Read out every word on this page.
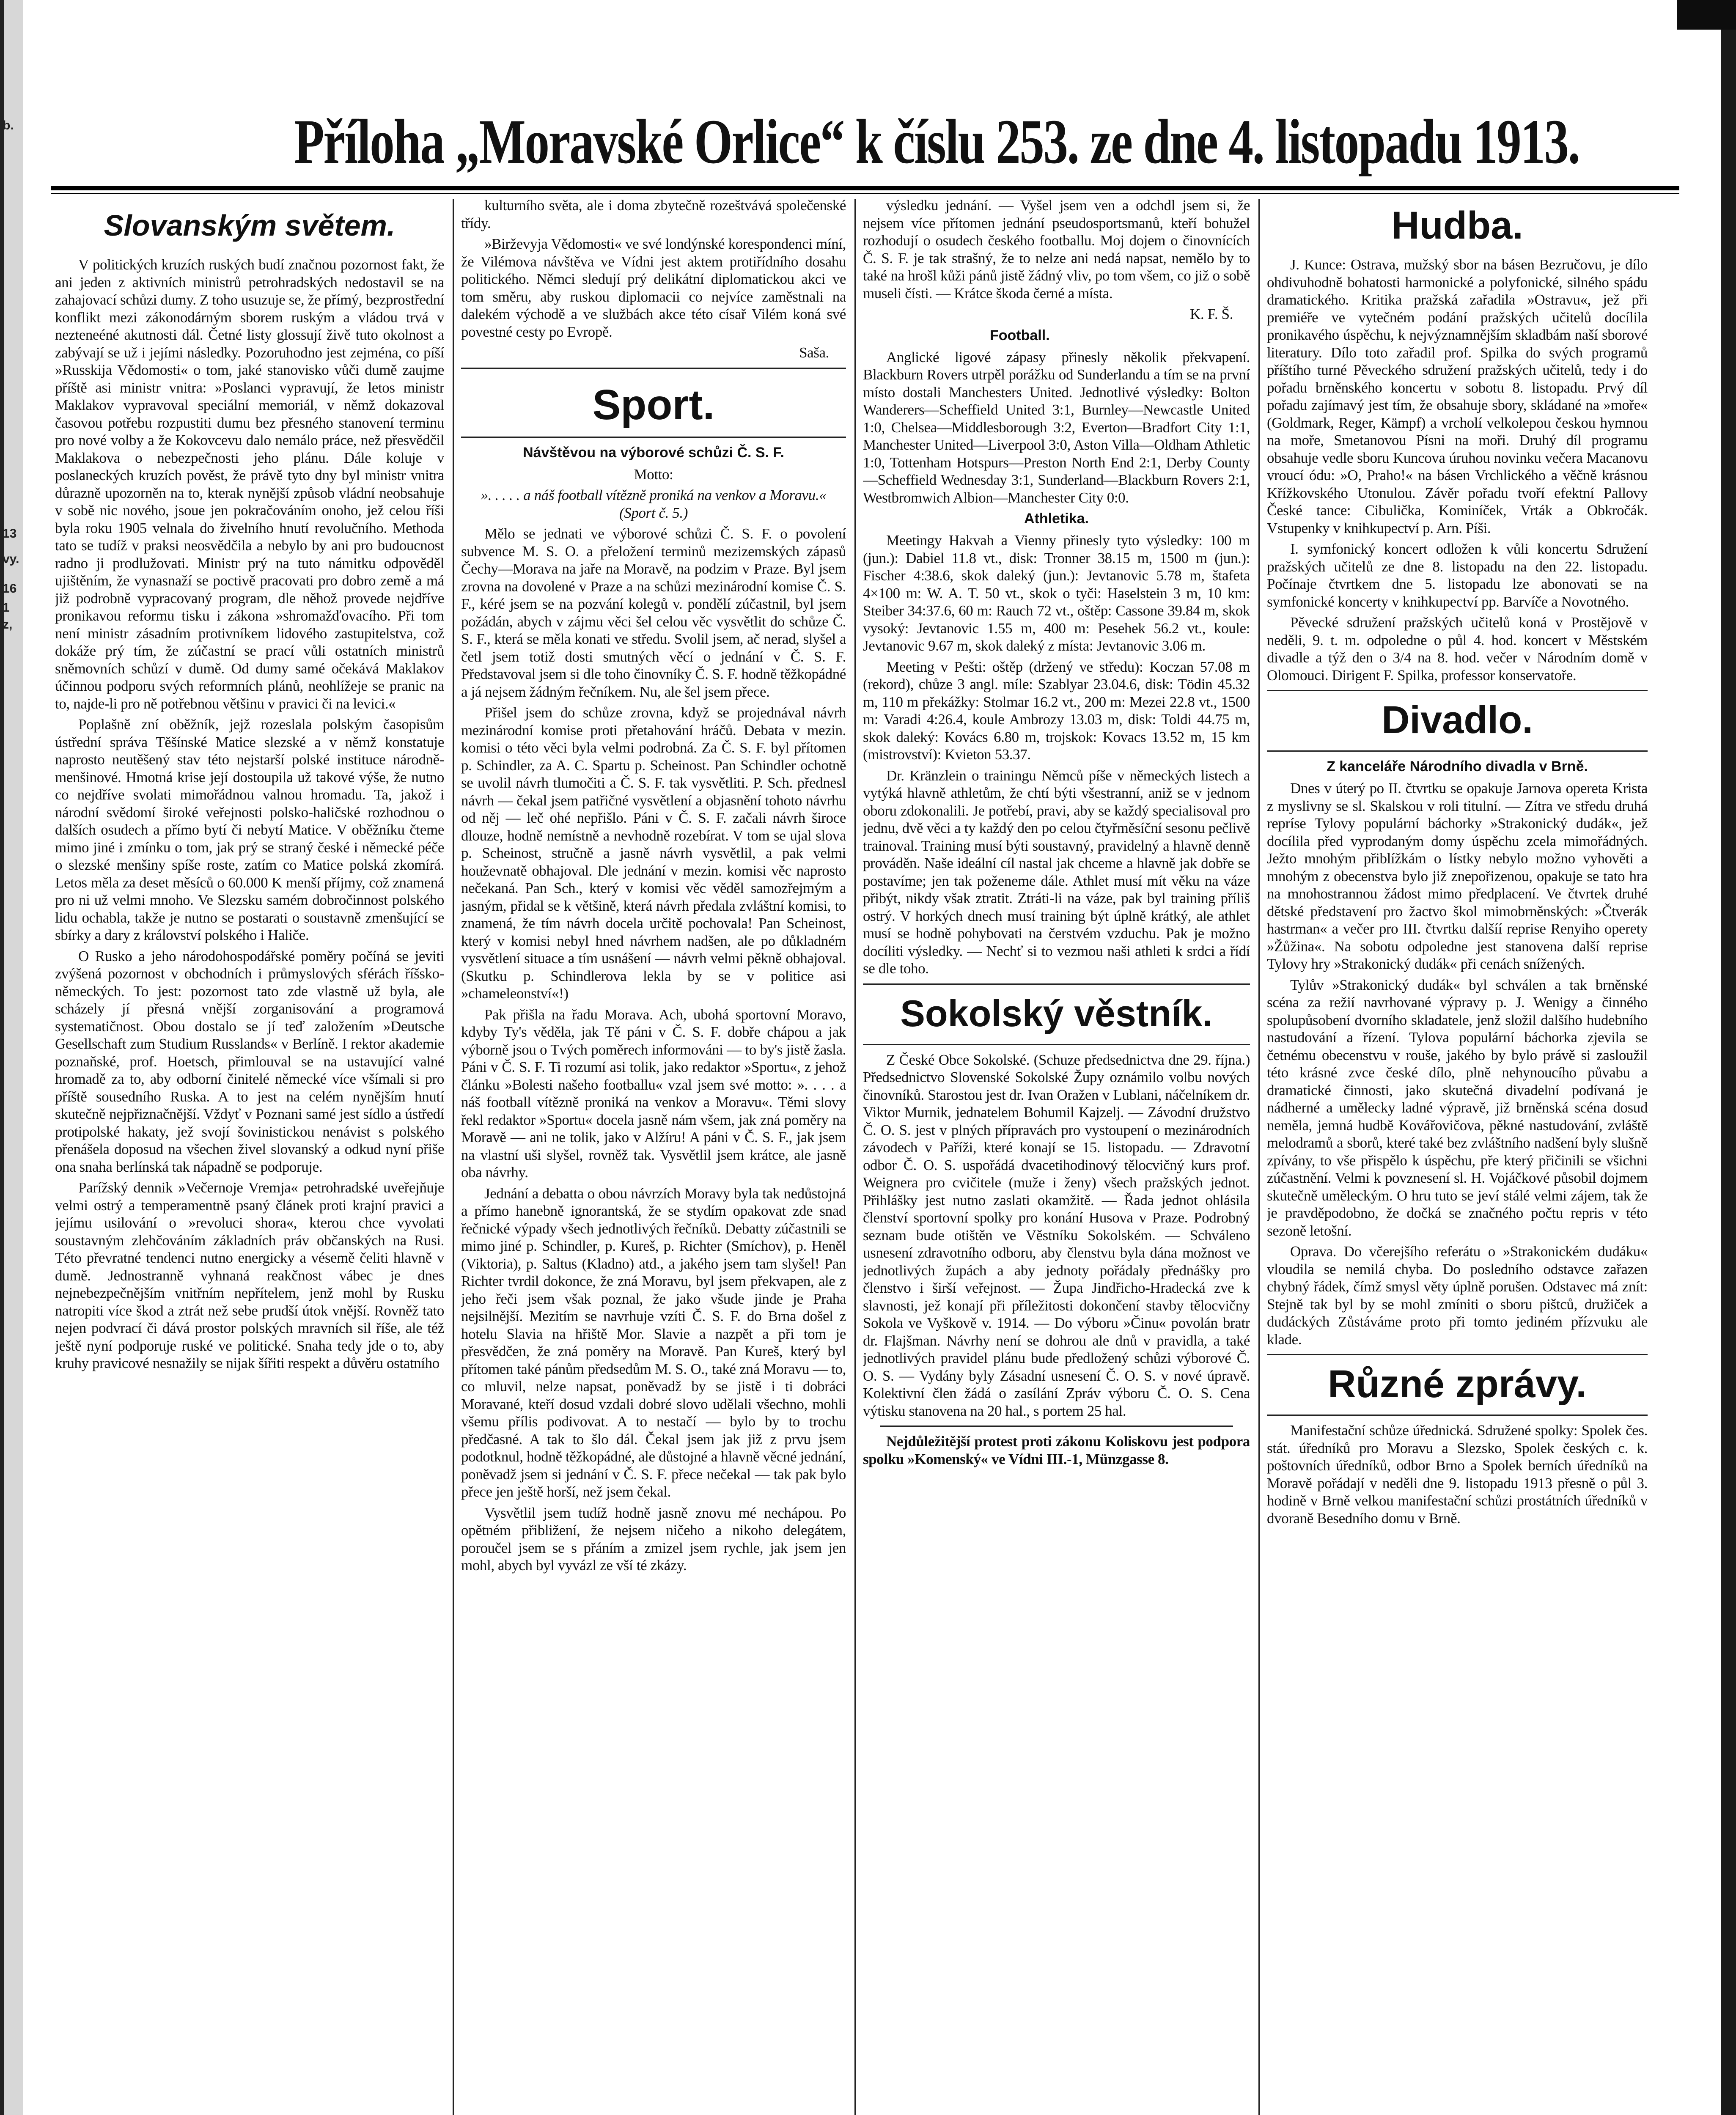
b.
vy.
13
16
1
z,
Příloha „Moravské Orlice“ k číslu 253. ze dne 4. listopadu 1913.
Slovanským světem.

V politických kruzích ruských budí značnou pozornost fakt, že ani jeden z aktivních ministrů petrohradských nedostavil se na zahajovací schůzi dumy. Z toho usuzuje se, že přímý, bezprostřední konflikt mezi zákonodárným sborem ruským a vládou trvá v nezteneéné akutnosti dál. Četné listy glossují živě tuto okolnost a zabývají se už i jejími následky. Pozoruhodno jest zejména, co píší »Russkija Vědomosti« o tom, jaké stanovisko vůči dumě zaujme příště asi ministr vnitra: »Poslanci vypravují, že letos ministr Maklakov vypravoval speciální memoriál, v němž dokazoval časovou potřebu rozpustiti dumu bez přesného stanovení terminu pro nové volby a že Kokovcevu dalo nemálo práce, než přesvědčil Maklakova o nebezpečnosti jeho plánu. Dále koluje v poslaneckých kruzích pověst, že právě tyto dny byl ministr vnitra důrazně upozorněn na to, kterak nynější způsob vládní neobsahuje v sobě nic nového, jsoue jen pokračováním onoho, jež celou říši byla roku 1905 velnala do živelního hnutí revolučního. Methoda tato se tudíž v praksi neosvědčila a nebylo by ani pro budoucnost radno ji prodlužovati. Ministr prý na tuto námitku odpověděl ujištěním, že vynasnaží se poctivě pracovati pro dobro země a má již podrobně vypracovaný program, dle něhož provede nejdříve pronikavou reformu tisku i zákona »shromažďovacího. Při tom není ministr zásadním protivníkem lidového zastupitelstva, což dokáže prý tím, že zúčastní se prací vůli ostatních ministrů sněmovních schůzí v dumě. Od dumy samé očekává Maklakov účinnou podporu svých reformních plánů, neohlížeje se pranic na to, najde-li pro ně potřebnou většinu v pravici či na levici.«

Poplašně zní oběžník, jejž rozeslala polským časopisům ústřední správa Těšínské Matice slezské a v němž konstatuje naprosto neutěšený stav této nejstarší polské instituce národně-menšinové. Hmotná krise její dostoupila už takové výše, že nutno co nejdříve svolati mimořádnou valnou hromadu. Ta, jakož i národní svědomí široké veřejnosti polsko-haličské rozhodnou o dalších osudech a přímo bytí či nebytí Matice. V oběžníku čteme mimo jiné i zmínku o tom, jak prý se straný české i německé péče o slezské menšiny spíše roste, zatím co Matice polská zkomírá. Letos měla za deset měsíců o 60.000 K menší příjmy, což znamená pro ni už velmi mnoho. Ve Slezsku samém dobročinnost polského lidu ochabla, takže je nutno se postarati o soustavně zmenšující se sbírky a dary z království polského i Haliče.

O Rusko a jeho národohospodářské poměry počíná se jeviti zvýšená pozornost v obchodních i průmyslových sférách říšsko-německých. To jest: pozornost tato zde vlastně už byla, ale scházely jí přesná vnější zorganisování a programová systematičnost. Obou dostalo se jí teď založením »Deutsche Gesellschaft zum Studium Russlands« v Berlíně. I rektor akademie poznaňské, prof. Hoetsch, přimlouval se na ustavující valné hromadě za to, aby odborní činitelé německé více všímali si pro příště sousedního Ruska. A to jest na celém nynějším hnutí skutečně nejpřiznačnější. Vždyť v Poznani samé jest sídlo a ústředí protipolské hakaty, jež svojí šovinistickou nenávist s polského přenášela doposud na všechen živel slovanský a odkud nyní přiše ona snaha berlínská tak nápadně se podporuje.

Parížský dennik »Večernoje Vremja« petrohradské uveřejňuje velmi ostrý a temperamentně psaný článek proti krajní pravici a jejímu usilování o »revoluci shora«, kterou chce vyvolati soustavným zlehčováním základních práv občanských na Rusi. Této převratné tendenci nutno energicky a vésemě čeliti hlavně v dumě. Jednostranně vyhnaná reakčnost vábec je dnes nejnebezpečnějším vnitřním nepřítelem, jenž mohl by Rusku natropiti více škod a ztrát než sebe prudší útok vnější. Rovněž tato nejen podvrací či dává prostor polských mravních sil říše, ale též ještě nyní podporuje ruské ve politické. Snaha tedy jde o to, aby kruhy pravicové nesnažily se nijak šířiti respekt a důvěru ostatního

kulturního světa, ale i doma zbytečně rozeštvává společenské třídy.

»Birževyja Vědomosti« ve své londýnské korespondenci míní, že Vilémova návštěva ve Vídni jest aktem protiřídního dosahu politického. Němci sledují prý delikátní diplomatickou akci ve tom směru, aby ruskou diplomacii co nejvíce zaměstnali na dalekém východě a ve službách akce této císař Vilém koná své povestné cesty po Evropě.

Saša.

Sport.
Návštěvou na výborové schůzi Č. S. F.

Motto:

». . . . . a náš football vítězně proniká na venkov a Moravu.« (Sport č. 5.)

Mělo se jednati ve výborové schůzi Č. S. F. o povolení subvence M. S. O. a přeložení terminů mezizemských zápasů Čechy—Morava na jaře na Moravě, na podzim v Praze. Byl jsem zrovna na dovolené v Praze a na schůzi mezinárodní komise Č. S. F., kéré jsem se na pozvání kolegů v. pondělí zúčastnil, byl jsem požádán, abych v zájmu věci šel celou věc vysvětlit do schůze Č. S. F., která se měla konati ve středu. Svolil jsem, ač nerad, slyšel a četl jsem totiž dosti smutných věcí o jednání v Č. S. F. Představoval jsem si dle toho činovníky Č. S. F. hodně těžkopádné a já nejsem žádným řečníkem. Nu, ale šel jsem přece.

Přišel jsem do schůze zrovna, když se projednával návrh mezinárodní komise proti přetahování hráčů. Debata v mezin. komisi o této věci byla velmi podrobná. Za Č. S. F. byl přítomen p. Schindler, za A. C. Spartu p. Scheinost. Pan Schindler ochotně se uvolil návrh tlumočiti a Č. S. F. tak vysvětliti. P. Sch. přednesl návrh — čekal jsem patřičné vysvětlení a objasnění tohoto návrhu od něj — leč ohé nepřišlo. Páni v Č. S. F. začali návrh široce dlouze, hodně nemístně a nevhodně rozebírat. V tom se ujal slova p. Scheinost, stručně a jasně návrh vysvětlil, a pak velmi houževnatě obhajoval. Dle jednání v mezin. komisi věc naprosto nečekaná. Pan Sch., který v komisi věc věděl samozřejmým a jasným, přidal se k většině, která návrh předala zvláštní komisi, to znamená, že tím návrh docela určitě pochovala! Pan Scheinost, který v komisi nebyl hned návrhem nadšen, ale po důkladném vysvětlení situace a tím usnášení — návrh velmi pěkně obhajoval. (Skutku p. Schindlerova lekla by se v politice asi »chameleonství«!)

Pak přišla na řadu Morava. Ach, ubohá sportovní Moravo, kdyby Ty's věděla, jak Tě páni v Č. S. F. dobře chápou a jak výborně jsou o Tvých poměrech informováni — to by's jistě žasla. Páni v Č. S. F. Ti rozumí asi tolik, jako redaktor »Sportu«, z jehož článku »Bolesti našeho footballu« vzal jsem své motto: ». . . . a náš football vítězně proniká na venkov a Moravu«. Těmi slovy řekl redaktor »Sportu« docela jasně nám všem, jak zná poměry na Moravě — ani ne tolik, jako v Alžíru! A páni v Č. S. F., jak jsem na vlastní uši slyšel, rovněž tak. Vysvětlil jsem krátce, ale jasně oba návrhy.

Jednání a debatta o obou návrzích Moravy byla tak nedůstojná a přímo hanebně ignorantská, že se stydím opakovat zde snad řečnické výpady všech jednotlivých řečníků. Debatty zúčastnili se mimo jiné p. Schindler, p. Kureš, p. Richter (Smíchov), p. Heněl (Viktoria), p. Saltus (Kladno) atd., a jakého jsem tam slyšel! Pan Richter tvrdil dokonce, že zná Moravu, byl jsem překvapen, ale z jeho řeči jsem však poznal, že jako všude jinde je Praha nejsilnější. Mezitím se navrhuje vzíti Č. S. F. do Brna došel z hotelu Slavia na hřiště Mor. Slavie a nazpět a při tom je přesvědčen, že zná poměry na Moravě. Pan Kureš, který byl přítomen také pánům předsedům M. S. O., také zná Moravu — to, co mluvil, nelze napsat, poněvadž by se jistě i ti dobráci Moravané, kteří dosud vzdali dobré slovo udělali všechno, mohli všemu přílis podivovat. A to nestačí — bylo by to trochu předčasné. A tak to šlo dál. Čekal jsem jak již z prvu jsem podotknul, hodně těžkopádné, ale důstojné a hlavně věcné jednání, poněvadž jsem si jednání v Č. S. F. přece nečekal — tak pak bylo přece jen ještě horší, než jsem čekal.

Vysvětlil jsem tudíž hodně jasně znovu mé nechápou. Po opětném přibližení, že nejsem ničeho a nikoho delegátem, poroučel jsem se s přáním a zmizel jsem rychle, jak jsem jen mohl, abych byl vyvázl ze vší té zkázy.

výsledku jednání. — Vyšel jsem ven a odchdl jsem si, že nejsem více přítomen jednání pseudosportsmanů, kteří bohužel rozhodují o osudech českého footballu. Moj dojem o činovnících Č. S. F. je tak strašný, že to nelze ani nedá napsat, nemělo by to také na hrošl kůži pánů jistě žádný vliv, po tom všem, co již o sobě museli čísti. — Krátce škoda černé a místa.

K. F. Š.

Football.

Anglické ligové zápasy přinesly několik překvapení. Blackburn Rovers utrpěl porážku od Sunderlandu a tím se na první místo dostali Manchesters United. Jednotlivé výsledky: Bolton Wanderers—Scheffield United 3:1, Burnley—Newcastle United 1:0, Chelsea—Middlesborough 3:2, Everton—Bradfort City 1:1, Manchester United—Liverpool 3:0, Aston Villa—Oldham Athletic 1:0, Tottenham Hotspurs—Preston North End 2:1, Derby County—Scheffield Wednesday 3:1, Sunderland—Blackburn Rovers 2:1, Westbromwich Albion—Manchester City 0:0.

Athletika.

Meetingy Hakvah a Vienny přinesly tyto výsledky: 100 m (jun.): Dabiel 11.8 vt., disk: Tronner 38.15 m, 1500 m (jun.): Fischer 4:38.6, skok daleký (jun.): Jevtanovic 5.78 m, štafeta 4×100 m: W. A. T. 50 vt., skok o tyči: Haselstein 3 m, 10 km: Steiber 34:37.6, 60 m: Rauch 72 vt., oštěp: Cassone 39.84 m, skok vysoký: Jevtanovic 1.55 m, 400 m: Pesehek 56.2 vt., koule: Jevtanovic 9.67 m, skok daleký z místa: Jevtanovic 3.06 m.

Meeting v Pešti: oštěp (držený ve středu): Koczan 57.08 m (rekord), chůze 3 angl. míle: Szablyar 23.04.6, disk: Tödin 45.32 m, 110 m překážky: Stolmar 16.2 vt., 200 m: Mezei 22.8 vt., 1500 m: Varadi 4:26.4, koule Ambrozy 13.03 m, disk: Toldi 44.75 m, skok daleký: Kovács 6.80 m, trojskok: Kovacs 13.52 m, 15 km (mistrovství): Kvieton 53.37.

Dr. Kränzlein o trainingu Němců píše v německých listech a vytýká hlavně athletům, že chtí býti všestranní, aniž se v jednom oboru zdokonalili. Je potřebí, pravi, aby se každý specialisoval pro jednu, dvě věci a ty každý den po celou čtyřměsíční sesonu pečlivě trainoval. Training musí býti soustavný, pravidelný a hlavně denně prováděn. Naše ideální cíl nastal jak chceme a hlavně jak dobře se postavíme; jen tak poženeme dále. Athlet musí mít věku na váze přibýt, nikdy však ztratit. Ztráti-li na váze, pak byl training příliš ostrý. V horkých dnech musí training být úplně krátký, ale athlet musí se hodně pohybovati na čerstvém vzduchu. Pak je možno docíliti výsledky. — Nechť si to vezmou naši athleti k srdci a řídí se dle toho.

Sokolský věstník.

Z České Obce Sokolské. (Schuze předsednictva dne 29. října.) Předsednictvo Slovenské Sokolské Župy oznámilo volbu nových činovníků. Starostou jest dr. Ivan Oražen v Lublani, náčelníkem dr. Viktor Murnik, jednatelem Bohumil Kajzelj. — Závodní družstvo Č. O. S. jest v plných přípravách pro vystoupení o mezinárodních závodech v Paříži, které konají se 15. listopadu. — Zdravotní odbor Č. O. S. uspořádá dvacetihodinový tělocvičný kurs prof. Weignera pro cvičitele (muže i ženy) všech pražských jednot. Přihlášky jest nutno zaslati okamžitě. — Řada jednot ohlásila členství sportovní spolky pro konání Husova v Praze. Podrobný seznam bude otištěn ve Věstníku Sokolském. — Schváleno usnesení zdravotního odboru, aby členstvu byla dána možnost ve jednotlivých župách a aby jednoty pořádaly přednášky pro členstvo i širší veřejnost. — Župa Jindřicho-Hradecká zve k slavnosti, jež konají při příležitosti dokončení stavby tělocvičny Sokola ve Vyškově v. 1914. — Do výboru »Činu« povolán bratr dr. Flajšman. Návrhy není se dohrou ale dnů v pravidla, a také jednotlivých pravidel plánu bude předložený schůzi výborové Č. O. S. — Vydány byly Zásadní usnesení Č. O. S. v nové úpravě. Kolektivní člen žádá o zasílání Zpráv výboru Č. O. S. Cena výtisku stanovena na 20 hal., s portem 25 hal.

Nejdůležitější protest proti zákonu Koliskovu jest podpora spolku »Komenský« ve Vídni III.-1, Münzgasse 8.

Hudba.

J. Kunce: Ostrava, mužský sbor na básen Bezručovu, je dílo ohdivuhodně bohatosti harmonické a polyfonické, silného spádu dramatického. Kritika pražská zařadila »Ostravu«, jež při premiéře ve vytečném podání pražských učitelů docílila pronikavého úspěchu, k nejvýznamnějším skladbám naší sborové literatury. Dílo toto zařadil prof. Spilka do svých programů příštího turné Pěveckého sdružení pražských učitelů, tedy i do pořadu brněnského koncertu v sobotu 8. listopadu. Prvý díl pořadu zajímavý jest tím, že obsahuje sbory, skládané na »moře« (Goldmark, Reger, Kämpf) a vrcholí velkolepou českou hymnou na moře, Smetanovou Písni na moři. Druhý díl programu obsahuje vedle sboru Kuncova úruhou novinku večera Macanovu vroucí ódu: »O, Praho!« na básen Vrchlického a věčně krásnou Křížkovského Utonulou. Závěr pořadu tvoří efektní Pallovy České tance: Cibulička, Kominíček, Vrták a Obkročák. Vstupenky v knihkupectví p. Arn. Píši.

I. symfonický koncert odložen k vůli koncertu Sdružení pražských učitelů ze dne 8. listopadu na den 22. listopadu. Počínaje čtvrtkem dne 5. listopadu lze abonovati se na symfonické koncerty v knihkupectví pp. Barvíče a Novotného.

Pěvecké sdružení pražských učitelů koná v Prostějově v neděli, 9. t. m. odpoledne o půl 4. hod. koncert v Městském divadle a týž den o 3/4 na 8. hod. večer v Národním domě v Olomouci. Dirigent F. Spilka, professor konservatoře.

Divadlo.
Z kanceláře Národního divadla v Brně.

Dnes v úterý po II. čtvrtku se opakuje Jarnova opereta Krista z myslivny se sl. Skalskou v roli titulní. — Zítra ve středu druhá repríse Tylovy populární báchorky »Strakonický dudák«, jež docílila před vyprodaným domy úspěchu zcela mimořádných. Ježto mnohým přiblížkám o lístky nebylo možno vyhověti a mnohým z obecenstva bylo již znepořizenou, opakuje se tato hra na mnohostrannou žádost mimo předplacení. Ve čtvrtek druhé dětské představení pro žactvo škol mimobrněnských: »Čtverák hastrman« a večer pro III. čtvrtku dalšíí reprise Renyiho operety »Žůžina«. Na sobotu odpoledne jest stanovena další reprise Tylovy hry »Strakonický dudák« při cenách snížených.

Tylův »Strakonický dudák« byl schválen a tak brněnské scéna za režií navrhované výpravy p. J. Wenigy a činného spolupůsobení dvorního skladatele, jenž složil dalšího hudebního nastudování a řízení. Tylova populární báchorka zjevila se četnému obecenstvu v rouše, jakého by bylo právě si zasloužil této krásné zvce české dílo, plně nehynoucího půvabu a dramatické činnosti, jako skutečná divadelní podívaná je nádherné a umělecky ladné výpravě, již brněnská scéna dosud neměla, jemná hudbě Kovářovičova, pěkné nastudování, zvláště melodramů a sborů, které také bez zvláštního nadšení byly slušně zpívány, to vše přispělo k úspěchu, pře který přičinili se všichni zúčastnění. Velmi k povznesení sl. H. Vojáčkové působil dojmem skutečně uměleckým. O hru tuto se jeví stálé velmi zájem, tak že je pravděpodobno, že dočká se značného počtu repris v této sezoně letošní.

Oprava. Do včerejšího referátu o »Strakonickém dudáku« vloudila se nemilá chyba. Do posledního odstavce zařazen chybný řádek, čímž smysl věty úplně porušen. Odstavec má znít: Stejně tak byl by se mohl zmíniti o sboru pištců, družiček a dudáckých Zůstáváme proto při tomto jediném přízvuku ale klade.

Různé zprávy.

Manifestační schůze úřednická. Sdružené spolky: Spolek čes. stát. úředníků pro Moravu a Slezsko, Spolek českých c. k. poštovních úředníků, odbor Brno a Spolek berních úředníků na Moravě pořádají v neděli dne 9. listopadu 1913 přesně o půl 3. hodině v Brně velkou manifestační schůzi prostátních úředníků v dvoraně Besedního domu v Brně.
